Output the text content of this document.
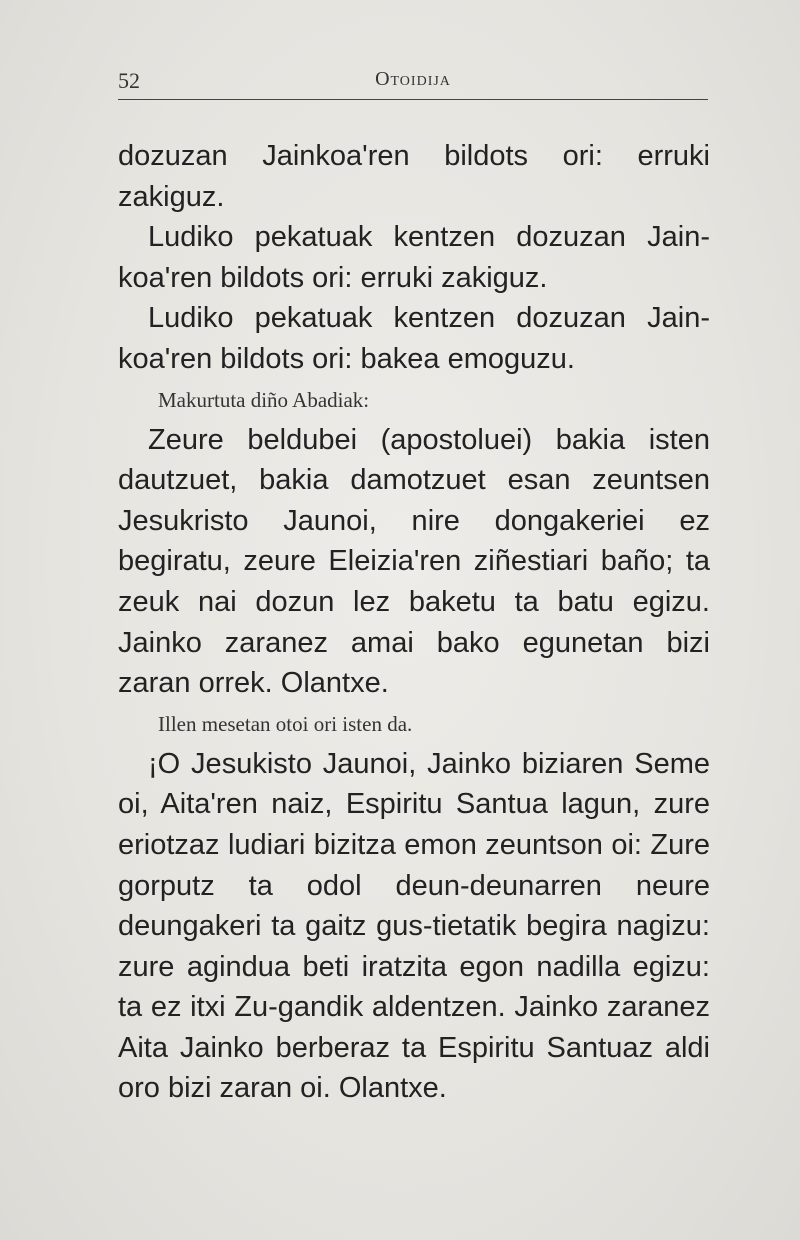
52	Otoidija

dozuzan Jainkoa'ren bildots ori: erruki zakiguz.

Ludiko pekatuak kentzen dozuzan Jain-koa'ren bildots ori: erruki zakiguz.

Ludiko pekatuak kentzen dozuzan Jain-koa'ren bildots ori: bakea emoguzu.

Makurtuta diño Abadiak:

Zeure beldubei (apostoluei) bakia isten dautzuet, bakia damotzuet esan zeuntsen Jesukristo Jaunoi, nire dongakeriei ez begiratu, zeure Eleizia'ren ziñestiari baño; ta zeuk nai dozun lez baketu ta batu egizu. Jainko zaranez amai bako egunetan bizi zaran orrek. Olantxe.

Illen mesetan otoi ori isten da.

¡O Jesukisto Jaunoi, Jainko biziaren Seme oi, Aita'ren naiz, Espiritu Santua lagun, zure eriotzaz ludiari bizitza emon zeuntson oi: Zure gorputz ta odol deun-deunarren neure deungakeri ta gaitz gus-tietatik begira nagizu: zure agindua beti iratzita egon nadilla egizu: ta ez itxi Zu-gandik aldentzen. Jainko zaranez Aita Jainko berberaz ta Espiritu Santuaz aldi oro bizi zaran oi. Olantxe.
